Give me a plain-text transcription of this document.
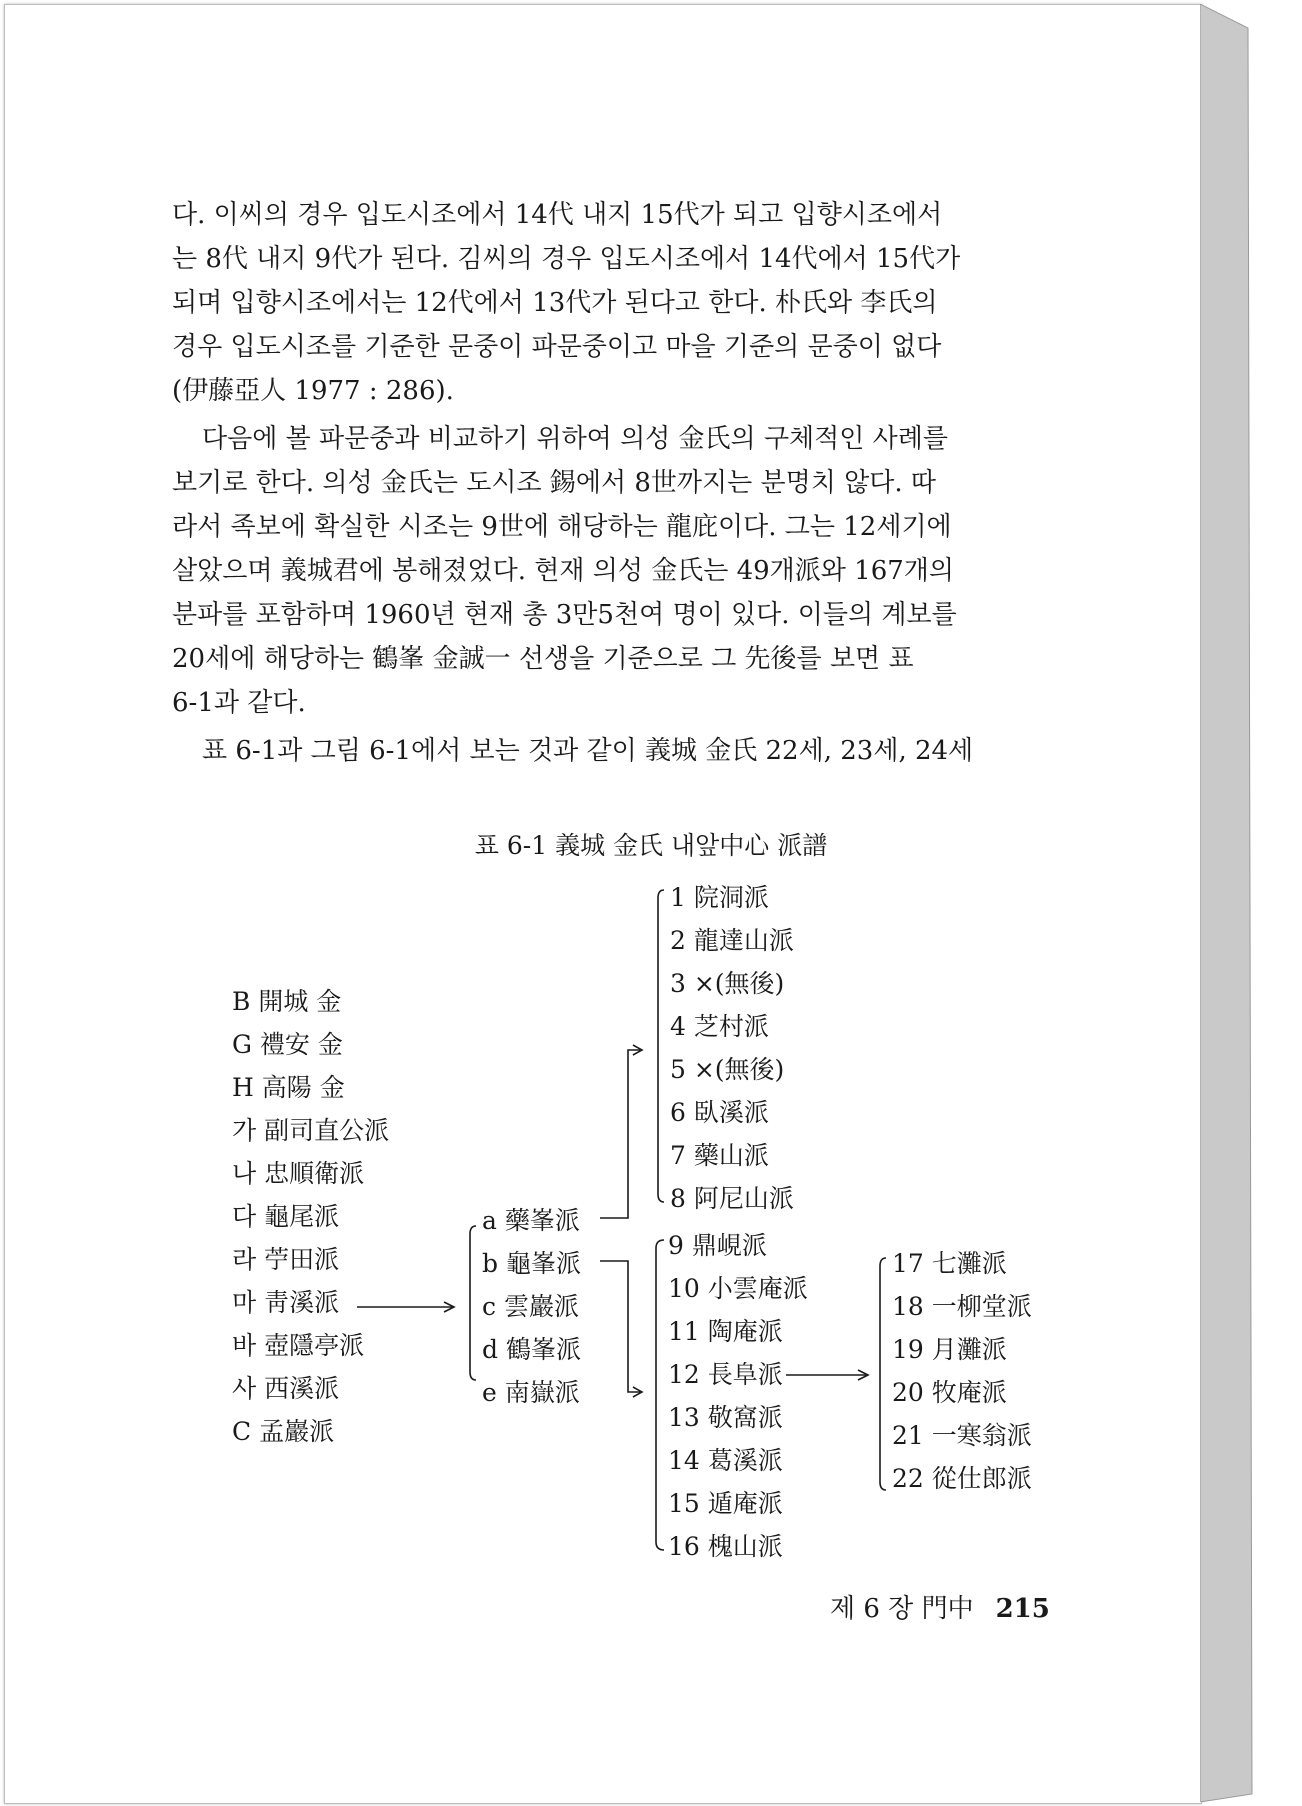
다. 이씨의 경우 입도시조에서 14代 내지 15代가 되고 입향시조에서
는 8代 내지 9代가 된다. 김씨의 경우 입도시조에서 14代에서 15代가
되며 입향시조에서는 12代에서 13代가 된다고 한다. 朴氏와 李氏의
경우 입도시조를 기준한 문중이 파문중이고 마을 기준의 문중이 없다
(伊藤亞人 1977 : 286).
다음에 볼 파문중과 비교하기 위하여 의성 金氏의 구체적인 사례를
보기로 한다. 의성 金氏는 도시조 錫에서 8世까지는 분명치 않다. 따
라서 족보에 확실한 시조는 9世에 해당하는 龍庇이다. 그는 12세기에
살았으며 義城君에 봉해졌었다. 현재 의성 金氏는 49개派와 167개의
분파를 포함하며 1960년 현재 총 3만5천여 명이 있다. 이들의 계보를
20세에 해당하는 鶴峯 金誠一 선생을 기준으로 그 先後를 보면 표
6-1과 같다.
표 6-1과 그림 6-1에서 보는 것과 같이 義城 金氏 22세, 23세, 24세
표 6-1 義城 金氏 내앞中心 派譜
B 開城 金
G 禮安 金
H 高陽 金
가 副司直公派
나 忠順衛派
다 龜尾派
라 苧田派
마 靑溪派
바 壺隱亭派
사 西溪派
C 孟巖派
a 藥峯派
b 龜峯派
c 雲巖派
d 鶴峯派
e 南嶽派
1 院洞派
2 龍達山派
3 ×(無後)
4 芝村派
5 ×(無後)
6 臥溪派
7 藥山派
8 阿尼山派
9 鼎峴派
10 小雲庵派
11 陶庵派
12 長阜派
13 敬窩派
14 葛溪派
15 遁庵派
16 槐山派
17 七灘派
18 一柳堂派
19 月灘派
20 牧庵派
21 一寒翁派
22 從仕郎派
제 6 장 門中 215
